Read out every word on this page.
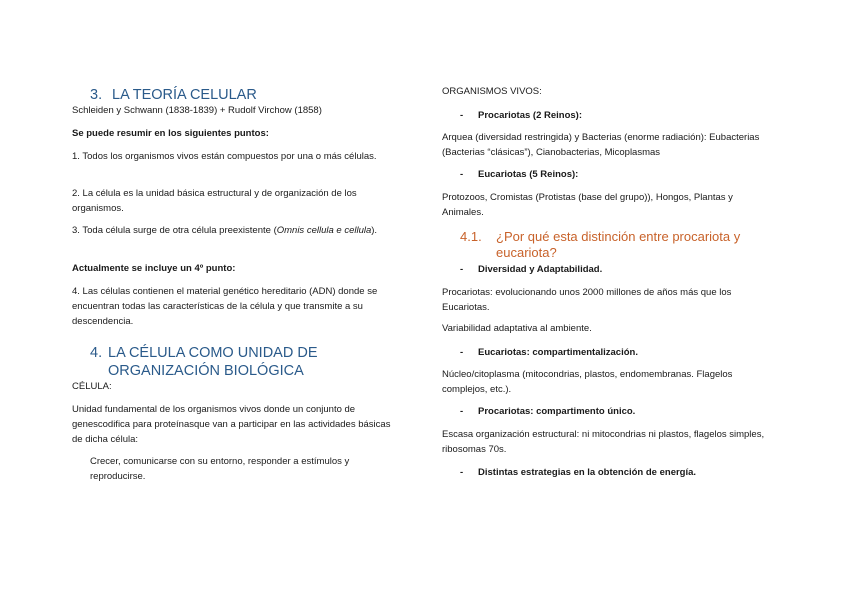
3. LA TEORÍA CELULAR

Schleiden y Schwann (1838-1839) + Rudolf Virchow (1858)

Se puede resumir en los siguientes puntos:

1. Todos los organismos vivos están compuestos por una o más células.

2. La célula es la unidad básica estructural y de organización de los organismos.

3. Toda célula surge de otra célula preexistente (Omnis cellula e cellula).

Actualmente se incluye un 4º punto:

4. Las células contienen el material genético hereditario (ADN) donde se encuentran todas las características de la célula y que transmite a su descendencia.

4. LA CÉLULA COMO UNIDAD DE ORGANIZACIÓN BIOLÓGICA

CÉLULA:

Unidad fundamental de los organismos vivos donde un conjunto de genescodifica para proteínasque van a participar en las actividades básicas de dicha célula:

Crecer, comunicarse con su entorno, responder a estímulos y reproducirse.

ORGANISMOS VIVOS:

- Procariotas (2 Reinos):

Arquea (diversidad restringida) y Bacterias (enorme radiación): Eubacterias (Bacterias “clásicas”), Cianobacterias, Micoplasmas

- Eucariotas (5 Reinos):

Protozoos, Cromistas (Protistas (base del grupo)), Hongos, Plantas y Animales.

4.1. ¿Por qué esta distinción entre procariota y eucariota?
- Diversidad y Adaptabilidad.

Procariotas: evolucionando unos 2000 millones de años más que los Eucariotas.

Variabilidad adaptativa al ambiente.

- Eucariotas: compartimentalización.

Núcleo/citoplasma (mitocondrias, plastos, endomembranas. Flagelos complejos, etc.).

- Procariotas: compartimento único.

Escasa organización estructural: ni mitocondrias ni plastos, flagelos simples, ribosomas 70s.

- Distintas estrategias en la obtención de energía.
